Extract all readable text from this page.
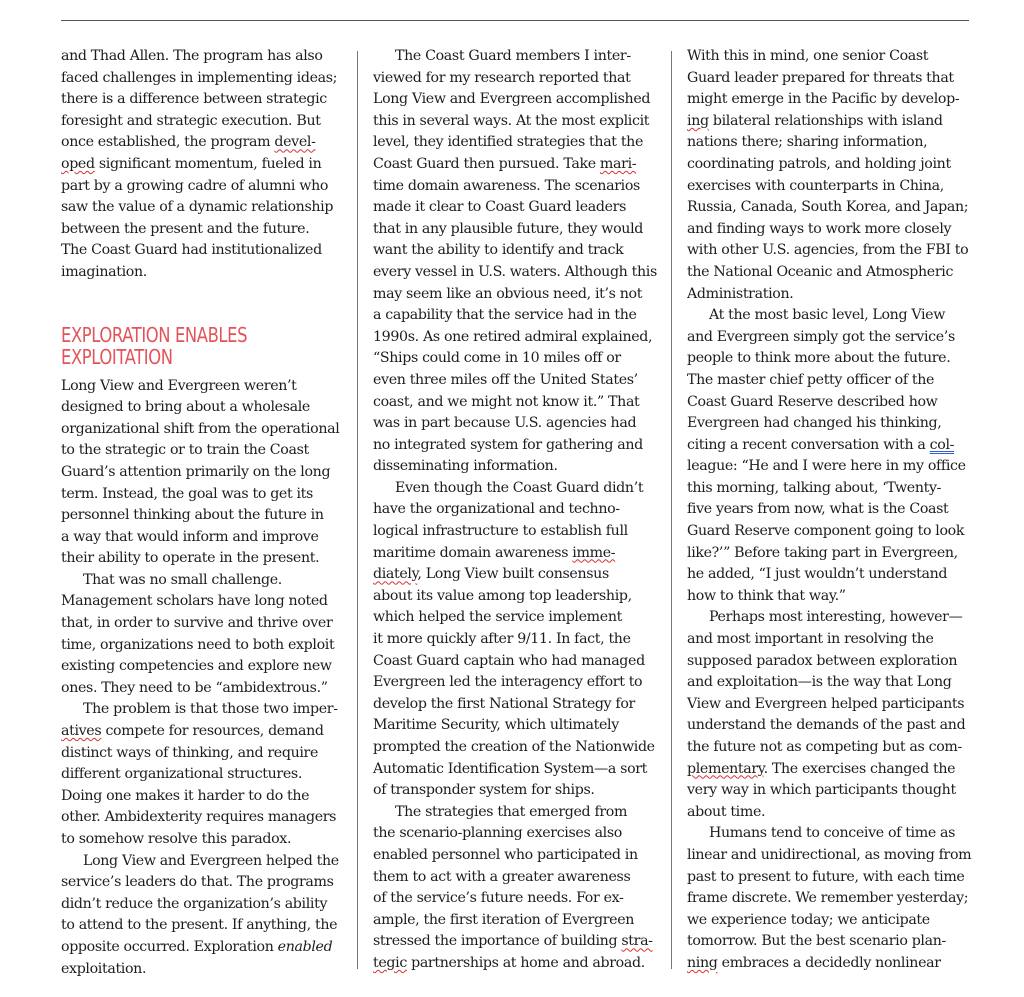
and Thad Allen. The program has also
faced challenges in implementing ideas;
there is a difference between strategic
foresight and strategic execution. But
once established, the program devel-
oped significant momentum, fueled in
part by a growing cadre of alumni who
saw the value of a dynamic relationship
between the present and the future.
The Coast Guard had institutionalized
imagination.
EXPLORATION ENABLES
EXPLOITATION
Long View and Evergreen weren’t
designed to bring about a wholesale
organizational shift from the operational
to the strategic or to train the Coast
Guard’s attention primarily on the long
term. Instead, the goal was to get its
personnel thinking about the future in
a way that would inform and improve
their ability to operate in the present.
That was no small challenge.
Management scholars have long noted
that, in order to survive and thrive over
time, organizations need to both exploit
existing competencies and explore new
ones. They need to be “ambidextrous.”
The problem is that those two imper-
atives compete for resources, demand
distinct ways of thinking, and require
different organizational structures.
Doing one makes it harder to do the
other. Ambidexterity requires managers
to somehow resolve this paradox.
Long View and Evergreen helped the
service’s leaders do that. The programs
didn’t reduce the organization’s ability
to attend to the present. If anything, the
opposite occurred. Exploration enabled
exploitation.
The Coast Guard members I inter-
viewed for my research reported that
Long View and Evergreen accomplished
this in several ways. At the most explicit
level, they identified strategies that the
Coast Guard then pursued. Take mari-
time domain awareness. The scenarios
made it clear to Coast Guard leaders
that in any plausible future, they would
want the ability to identify and track
every vessel in U.S. waters. Although this
may seem like an obvious need, it’s not
a capability that the service had in the
1990s. As one retired admiral explained,
“Ships could come in 10 miles off or
even three miles off the United States’
coast, and we might not know it.” That
was in part because U.S. agencies had
no integrated system for gathering and
disseminating information.
Even though the Coast Guard didn’t
have the organizational and techno-
logical infrastructure to establish full
maritime domain awareness imme-
diately, Long View built consensus
about its value among top leadership,
which helped the service implement
it more quickly after 9/11. In fact, the
Coast Guard captain who had managed
Evergreen led the interagency effort to
develop the first National Strategy for
Maritime Security, which ultimately
prompted the creation of the Nationwide
Automatic Identification System—a sort
of transponder system for ships.
The strategies that emerged from
the scenario-planning exercises also
enabled personnel who participated in
them to act with a greater awareness
of the service’s future needs. For ex-
ample, the first iteration of Evergreen
stressed the importance of building stra-
tegic partnerships at home and abroad.
With this in mind, one senior Coast
Guard leader prepared for threats that
might emerge in the Pacific by develop-
ing bilateral relationships with island
nations there; sharing information,
coordinating patrols, and holding joint
exercises with counterparts in China,
Russia, Canada, South Korea, and Japan;
and finding ways to work more closely
with other U.S. agencies, from the FBI to
the National Oceanic and Atmospheric
Administration.
At the most basic level, Long View
and Evergreen simply got the service’s
people to think more about the future.
The master chief petty officer of the
Coast Guard Reserve described how
Evergreen had changed his thinking,
citing a recent conversation with a col-
league: “He and I were here in my office
this morning, talking about, ‘Twenty-
five years from now, what is the Coast
Guard Reserve component going to look
like?’” Before taking part in Evergreen,
he added, “I just wouldn’t understand
how to think that way.”
Perhaps most interesting, however—
and most important in resolving the
supposed paradox between exploration
and exploitation—is the way that Long
View and Evergreen helped participants
understand the demands of the past and
the future not as competing but as com-
plementary. The exercises changed the
very way in which participants thought
about time.
Humans tend to conceive of time as
linear and unidirectional, as moving from
past to present to future, with each time
frame discrete. We remember yesterday;
we experience today; we anticipate
tomorrow. But the best scenario plan-
ning embraces a decidedly nonlinear
